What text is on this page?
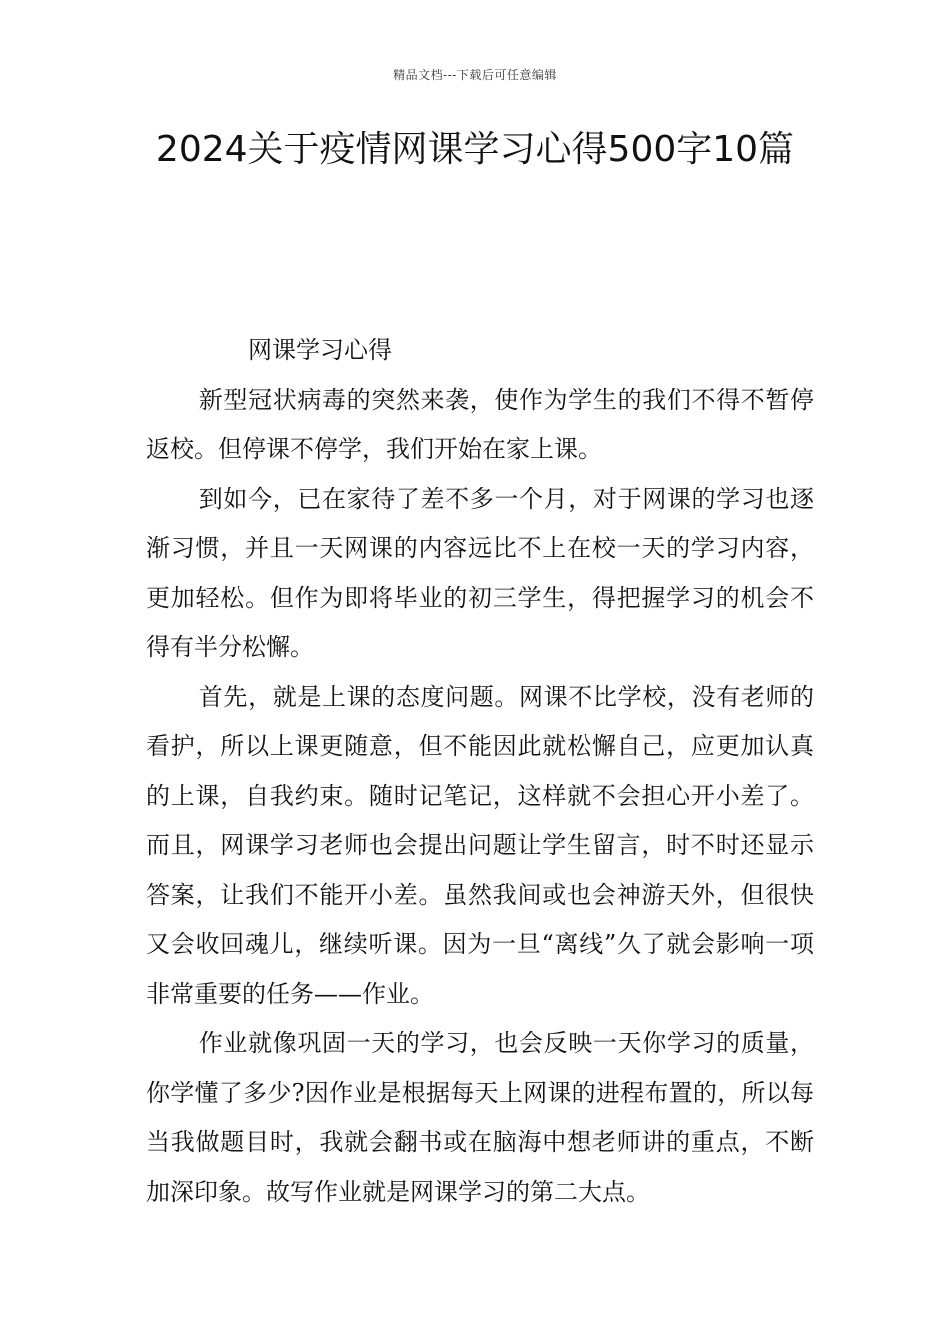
精品文档---下载后可任意编辑
2024关于疫情网课学习心得500字10篇

网课学习心得

新型冠状病毒的突然来袭，使作为学生的我们不得不暂停返校。但停课不停学，我们开始在家上课。

到如今，已在家待了差不多一个月，对于网课的学习也逐渐习惯，并且一天网课的内容远比不上在校一天的学习内容，更加轻松。但作为即将毕业的初三学生，得把握学习的机会不得有半分松懈。

首先，就是上课的态度问题。网课不比学校，没有老师的看护，所以上课更随意，但不能因此就松懈自己，应更加认真的上课，自我约束。随时记笔记，这样就不会担心开小差了。而且，网课学习老师也会提出问题让学生留言，时不时还显示答案，让我们不能开小差。虽然我间或也会神游天外，但很快又会收回魂儿，继续听课。因为一旦“离线”久了就会影响一项非常重要的任务——作业。

作业就像巩固一天的学习，也会反映一天你学习的质量，你学懂了多少?因作业是根据每天上网课的进程布置的，所以每当我做题目时，我就会翻书或在脑海中想老师讲的重点，不断加深印象。故写作业就是网课学习的第二大点。
